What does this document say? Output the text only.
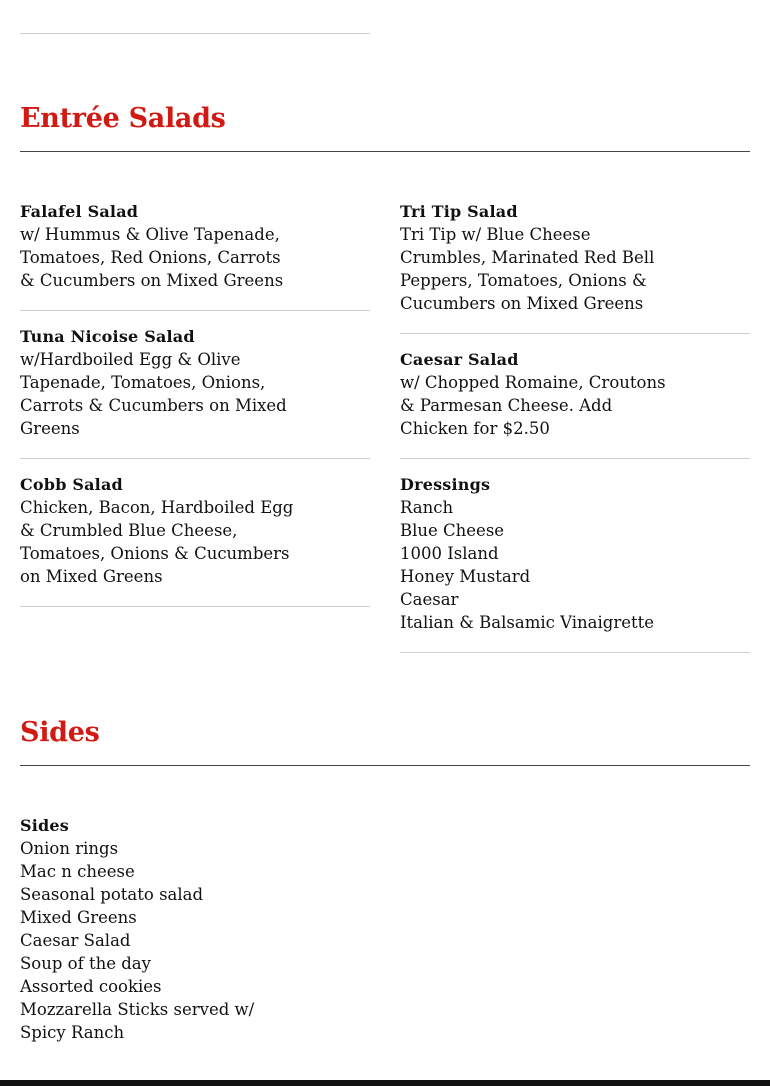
Entrée Salads
Falafel Salad
w/ Hummus & Olive Tapenade, Tomatoes, Red Onions, Carrots & Cucumbers on Mixed Greens
Tuna Nicoise Salad
w/Hardboiled Egg & Olive Tapenade, Tomatoes, Onions, Carrots & Cucumbers on Mixed Greens
Cobb Salad
Chicken, Bacon, Hardboiled Egg & Crumbled Blue Cheese, Tomatoes, Onions & Cucumbers on Mixed Greens
Tri Tip Salad
Tri Tip w/ Blue Cheese Crumbles, Marinated Red Bell Peppers, Tomatoes, Onions & Cucumbers on Mixed Greens
Caesar Salad
w/ Chopped Romaine, Croutons & Parmesan Cheese. Add Chicken for $2.50
Dressings
Ranch
Blue Cheese
1000 Island
Honey Mustard
Caesar
Italian & Balsamic Vinaigrette
Sides
Sides
Onion rings
Mac n cheese
Seasonal potato salad
Mixed Greens
Caesar Salad
Soup of the day
Assorted cookies
Mozzarella Sticks served w/ Spicy Ranch
